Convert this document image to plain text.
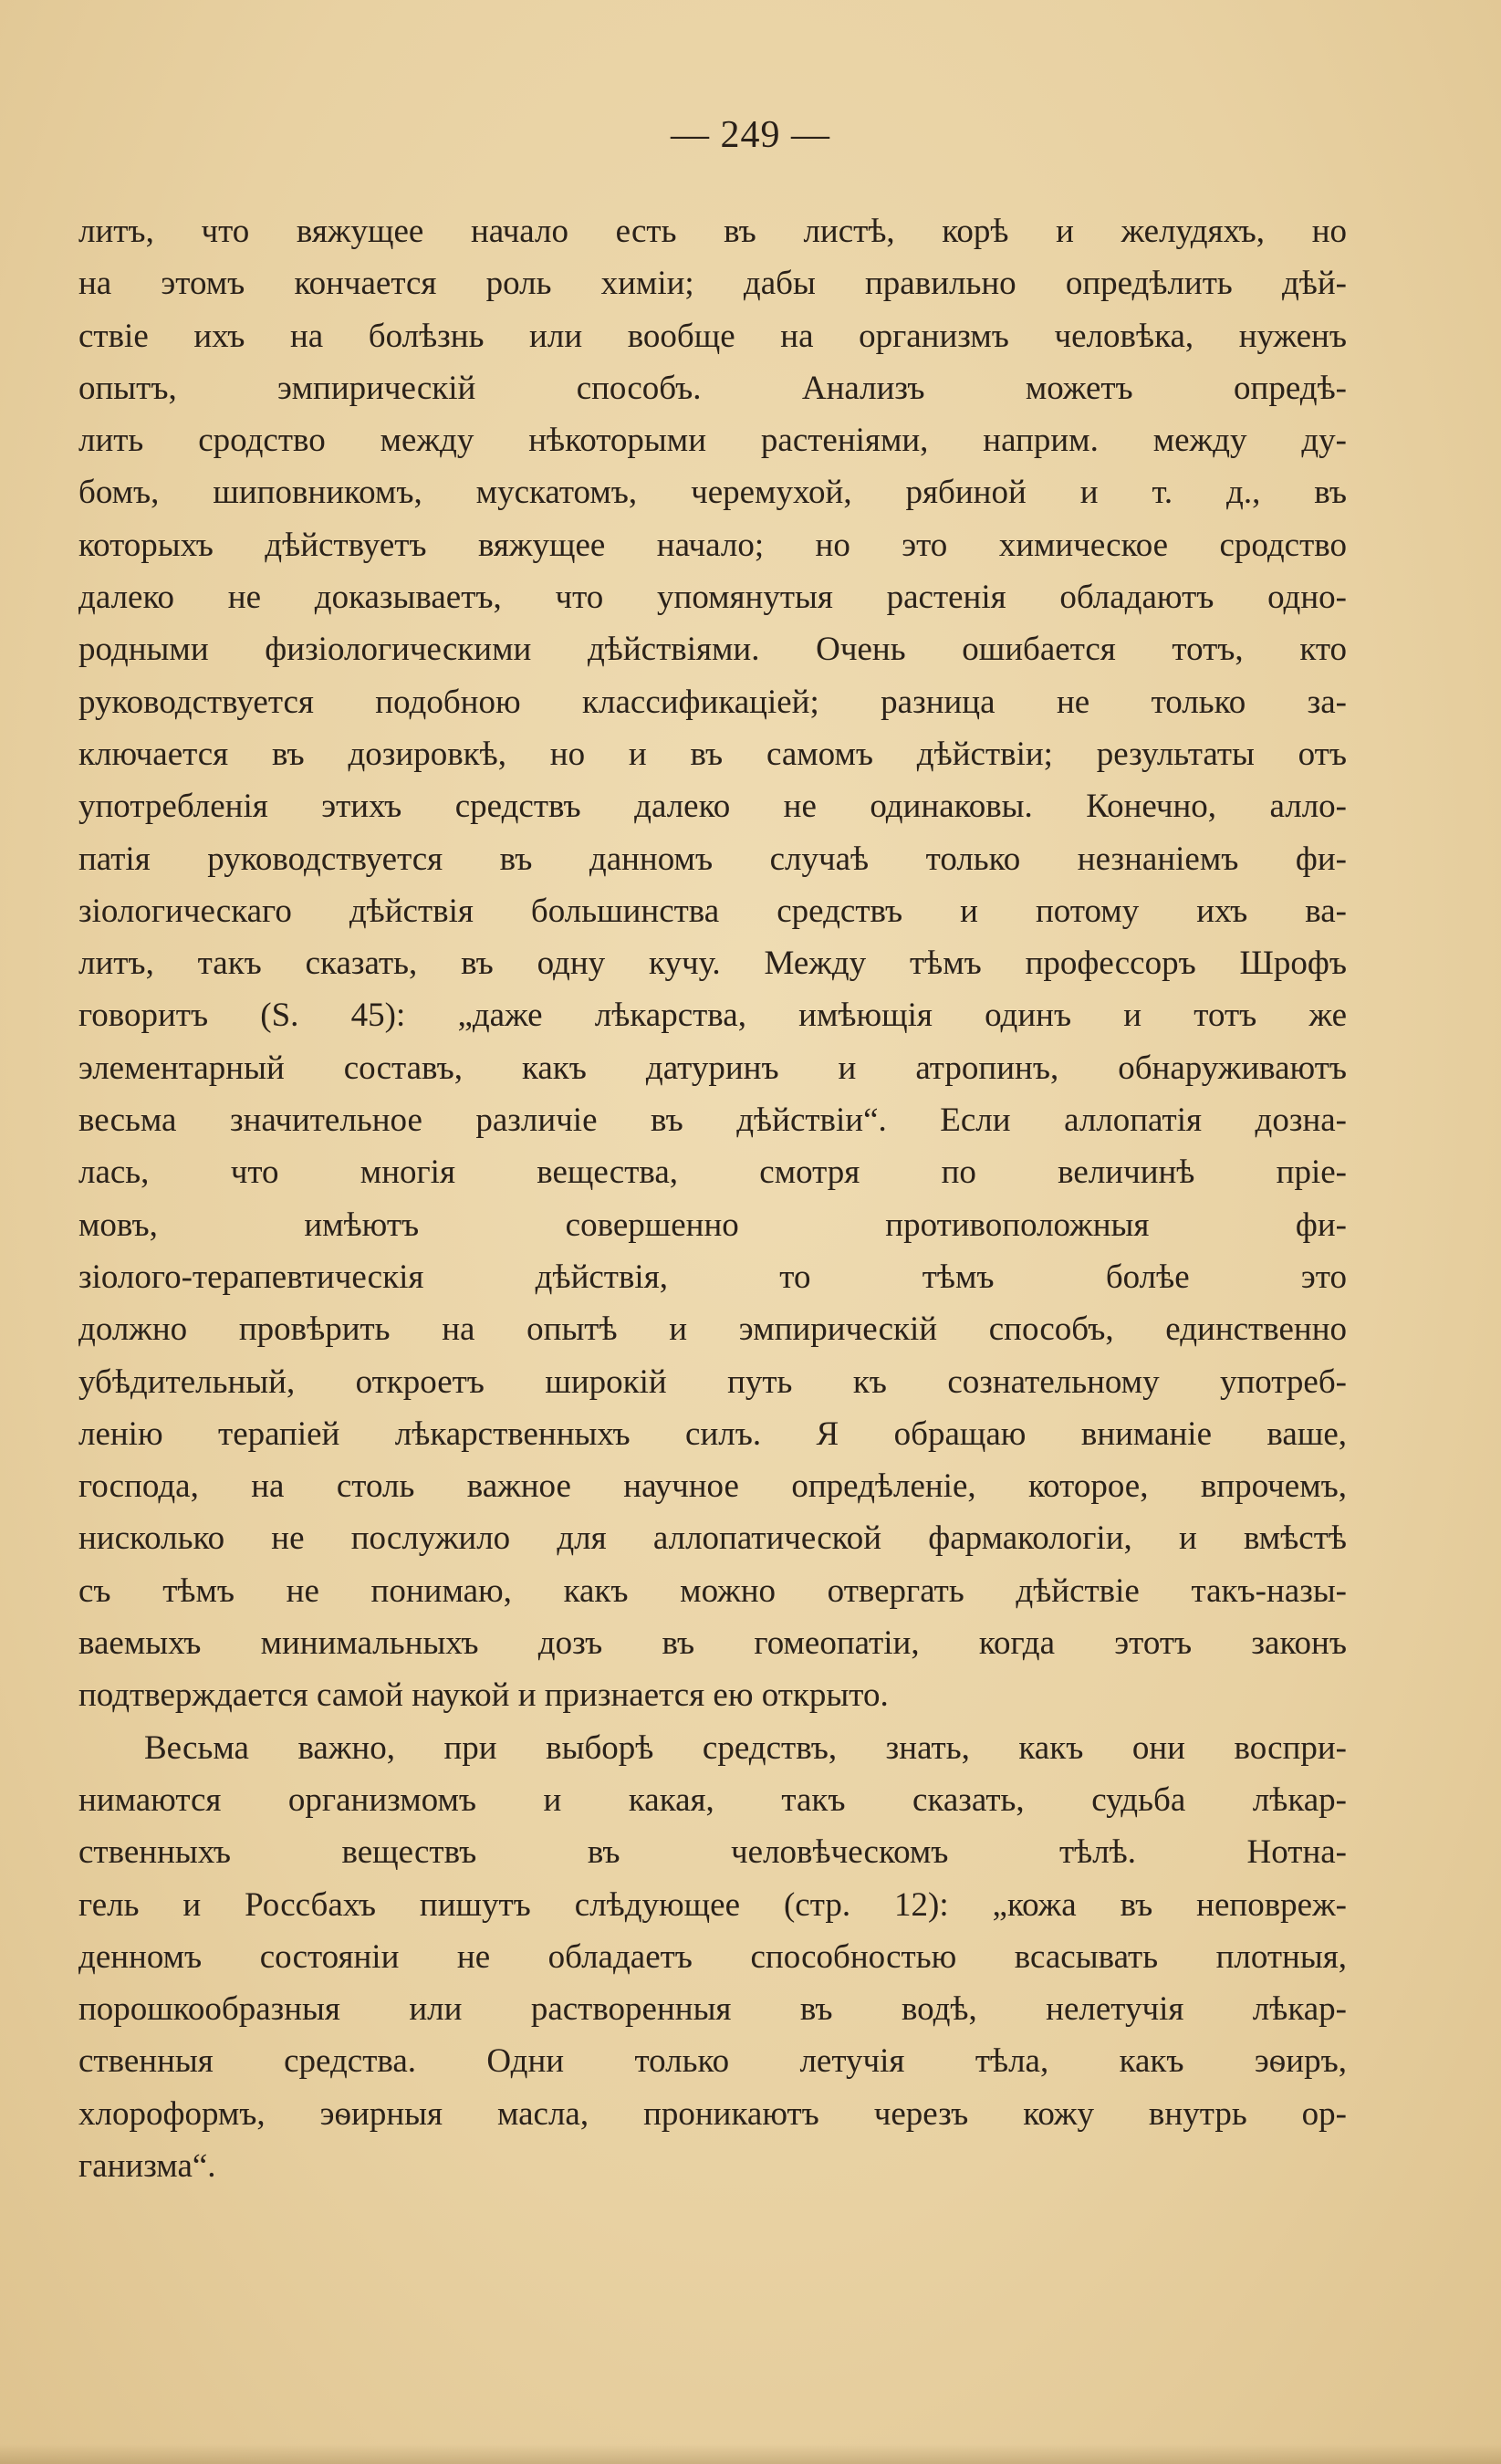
— 249 —
литъ, что вяжущее начало есть въ листѣ, корѣ и желудяхъ, но
на этомъ кончается роль химіи; дабы правильно опредѣлить дѣй-
ствіе ихъ на болѣзнь или вообще на организмъ человѣка, нуженъ
опытъ, эмпирическій способъ. Анализъ можетъ опредѣ-
лить сродство между нѣкоторыми растеніями, наприм. между ду-
бомъ, шиповникомъ, мускатомъ, черемухой, рябиной и т. д., въ
которыхъ дѣйствуетъ вяжущее начало; но это химическое сродство
далеко не доказываетъ, что упомянутыя растенія обладаютъ одно-
родными физіологическими дѣйствіями. Очень ошибается тотъ, кто
руководствуется подобною классификаціей; разница не только за-
ключается въ дозировкѣ, но и въ самомъ дѣйствіи; результаты отъ
употребленія этихъ средствъ далеко не одинаковы. Конечно, алло-
патія руководствуется въ данномъ случаѣ только незнаніемъ фи-
зіологическаго дѣйствія большинства средствъ и потому ихъ ва-
литъ, такъ сказать, въ одну кучу. Между тѣмъ профессоръ Шрофъ
говоритъ (S. 45): „даже лѣкарства, имѣющія одинъ и тотъ же
элементарный составъ, какъ датуринъ и атропинъ, обнаруживаютъ
весьма значительное различіе въ дѣйствіи“. Если аллопатія дозна-
лась, что многія вещества, смотря по величинѣ пріе-
мовъ, имѣютъ совершенно противоположныя фи-
зіолого-терапевтическія дѣйствія, то тѣмъ болѣе это
должно провѣрить на опытѣ и эмпирическій способъ, единственно
убѣдительный, откроетъ широкій путь къ сознательному употреб-
ленію терапіей лѣкарственныхъ силъ. Я обращаю вниманіе ваше,
господа, на столь важное научное опредѣленіе, которое, впрочемъ,
нисколько не послужило для аллопатической фармакологіи, и вмѣстѣ
съ тѣмъ не понимаю, какъ можно отвергать дѣйствіе такъ-назы-
ваемыхъ минимальныхъ дозъ въ гомеопатіи, когда этотъ законъ
подтверждается самой наукой и признается ею открыто.
Весьма важно, при выборѣ средствъ, знать, какъ они воспри-
нимаются организмомъ и какая, такъ сказать, судьба лѣкар-
ственныхъ веществъ въ человѣческомъ тѣлѣ. Нотна-
гель и Россбахъ пишутъ слѣдующее (стр. 12): „кожа въ неповреж-
денномъ состояніи не обладаетъ способностью всасывать плотныя,
порошкообразныя или растворенныя въ водѣ, нелетучія лѣкар-
ственныя средства. Одни только летучія тѣла, какъ эѳиръ,
хлороформъ, эѳирныя масла, проникаютъ черезъ кожу внутрь ор-
ганизма“.
